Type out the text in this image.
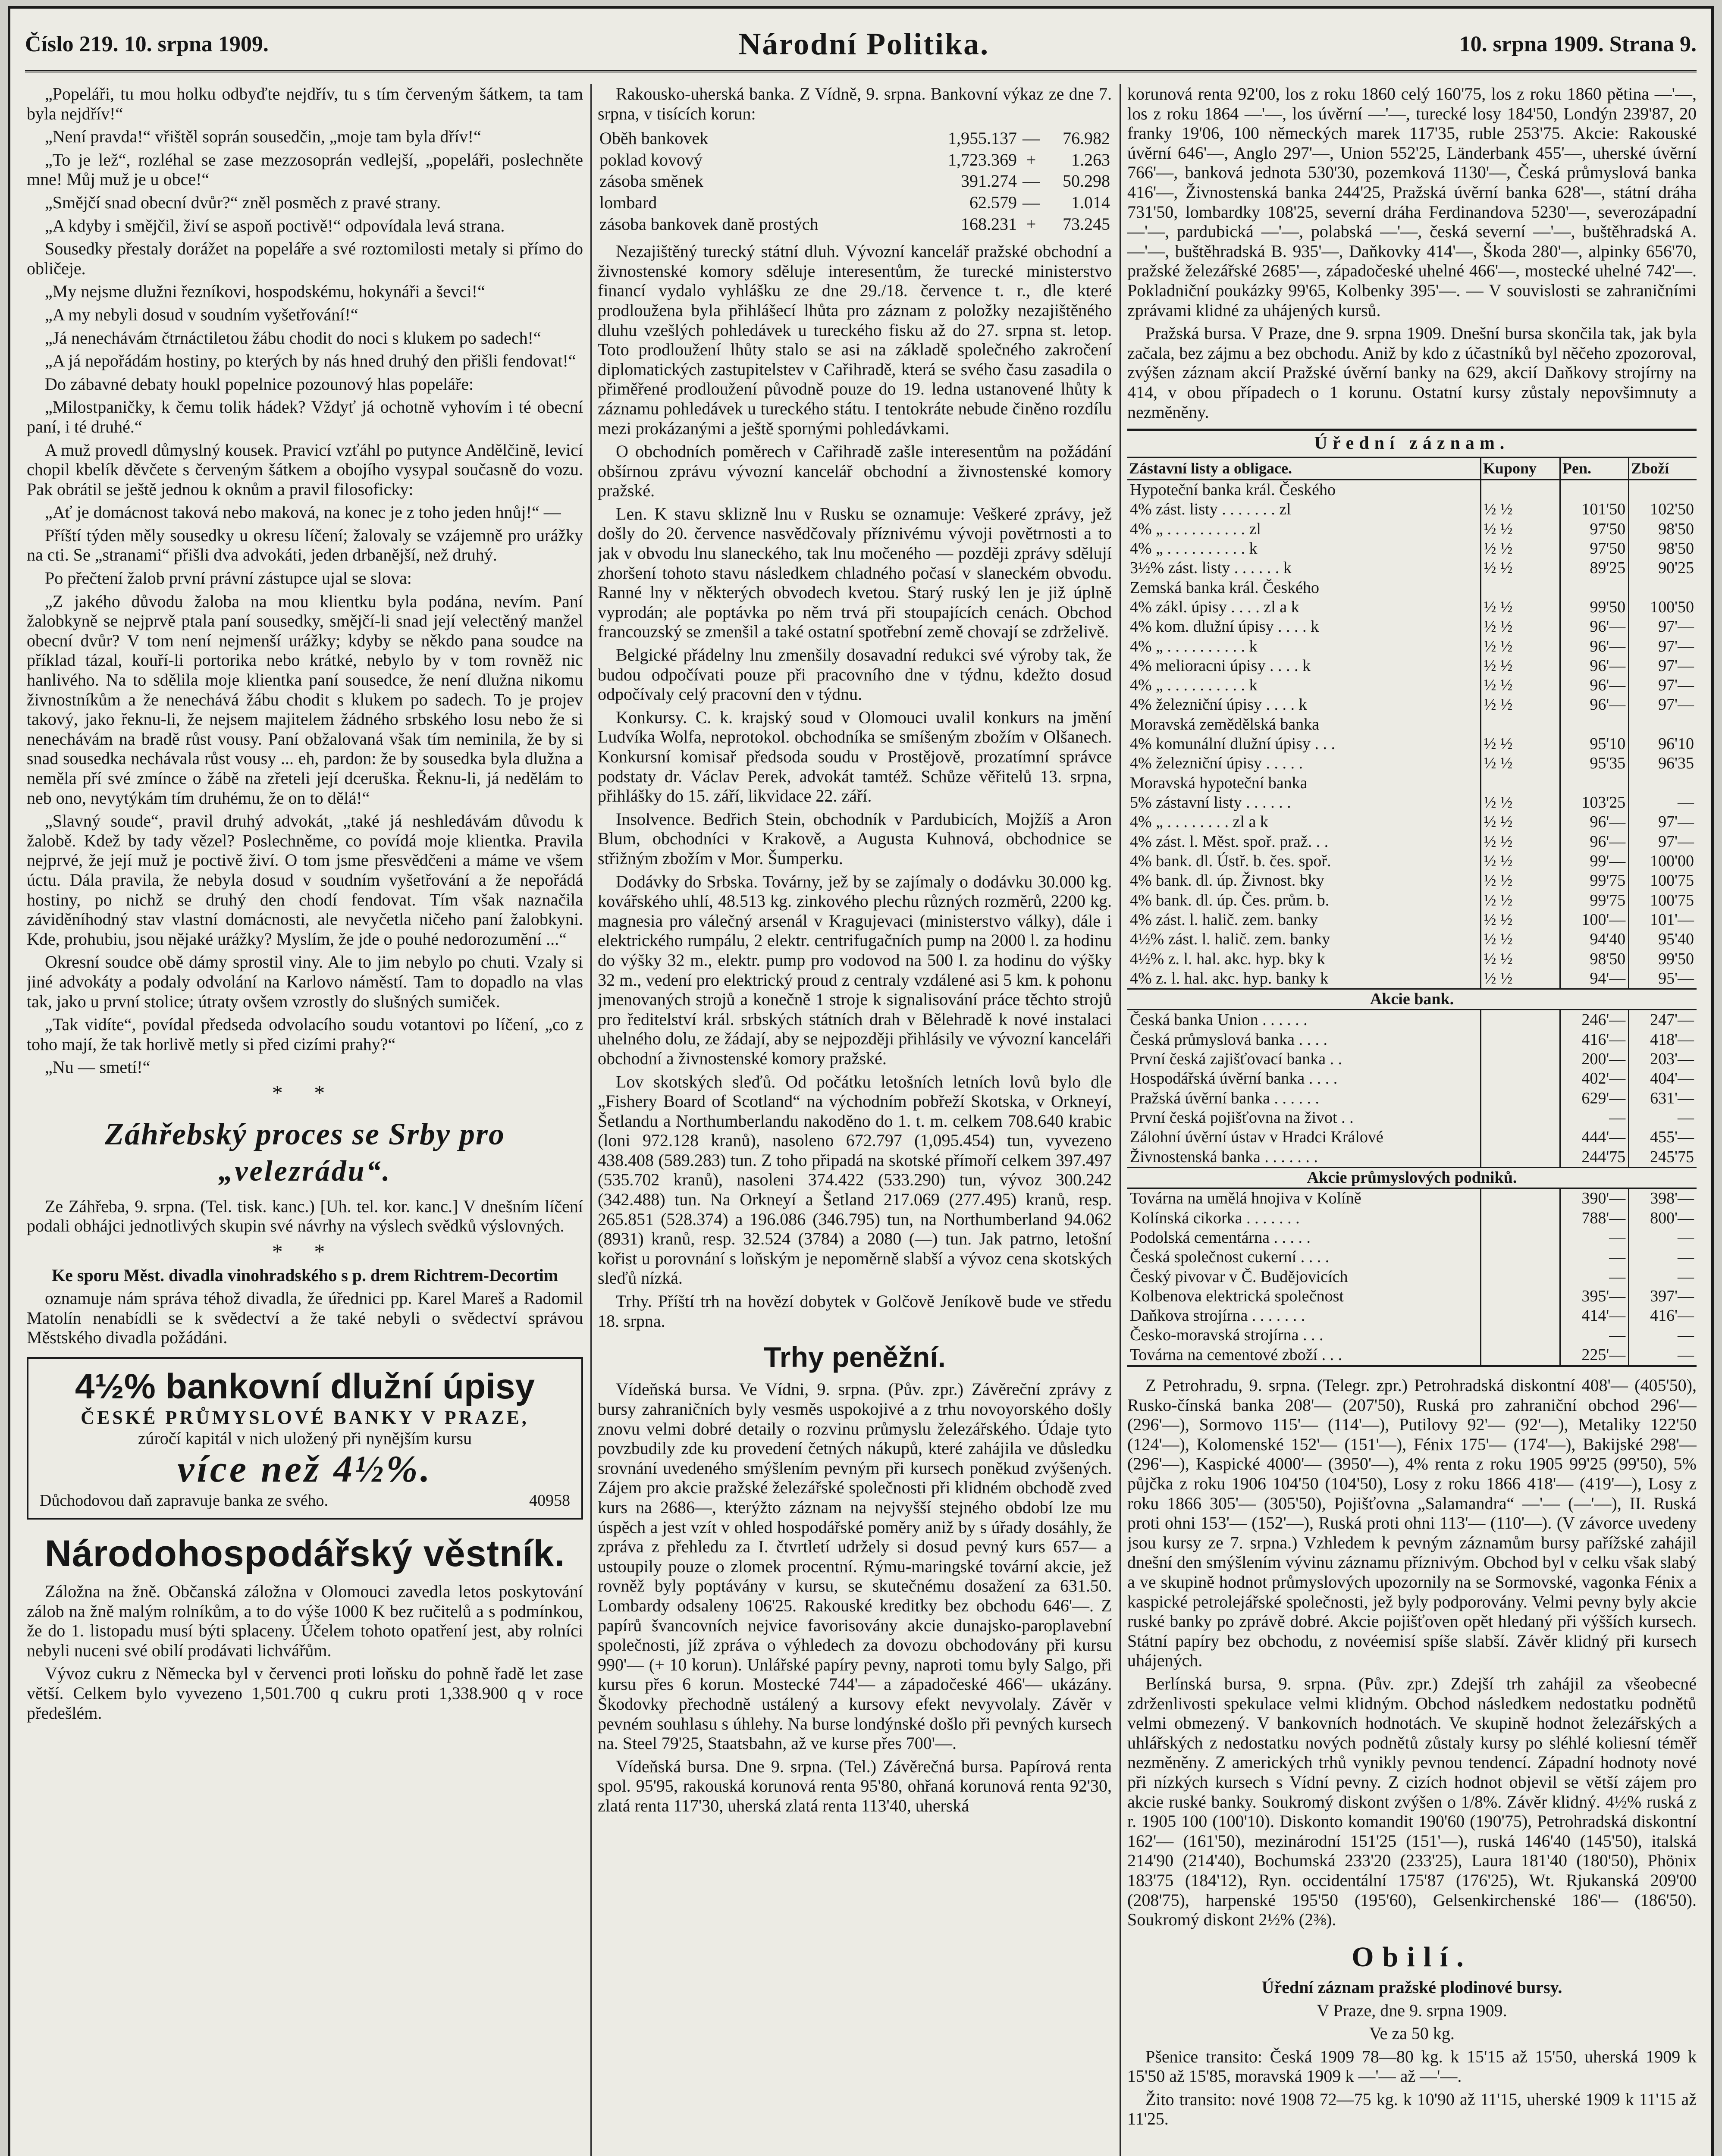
Číslo 219. 10. srpna 1909.	Národní Politika.	10. srpna 1909. Strana 9.

„Popeláři, tu mou holku odbyďte nejdřív, tu s tím červeným šátkem, ta tam byla nejdřív!“

„Není pravda!“ vřištěl soprán sousedčin, „moje tam byla dřív!“

„To je lež“, rozléhal se zase mezzosoprán vedlejší, „popeláři, poslechněte mne! Můj muž je u obce!“

„Smějčí snad obecní dvůr?“ zněl posměch z pravé strany.

„A kdyby i smějčil, živí se aspoň poctivě!“ odpovídala levá strana.

Sousedky přestaly dorážet na popeláře a své roztomilosti metaly si přímo do obličeje.

„My nejsme dlužni řezníkovi, hospodskému, hokynáři a ševci!“

„A my nebyli dosud v soudním vyšetřování!“

„Já nenechávám čtrnáctiletou žábu chodit do noci s klukem po sadech!“

„A já nepořádám hostiny, po kterých by nás hned druhý den přišli fendovat!“

Do zábavné debaty houkl popelnice pozounový hlas popeláře:

„Milostpaničky, k čemu tolik hádek? Vždyť já ochotně vyhovím i té obecní paní, i té druhé.“

A muž provedl důmyslný kousek. Pravicí vzťáhl po putynce Andělčině, levicí chopil kbelík děvčete s červeným šátkem a obojího vysypal současně do vozu. Pak obrátil se ještě jednou k oknům a pravil filosoficky:

„Ať je domácnost taková nebo maková, na konec je z toho jeden hnůj!“ —

Příští týden měly sousedky u okresu líčení; žalovaly se vzájemně pro urážky na cti. Se „stranami“ přišli dva advokáti, jeden drbanější, než druhý.

Po přečtení žalob první právní zástupce ujal se slova:

„Z jakého důvodu žaloba na mou klientku byla podána, nevím. Paní žalobkyně se nejprvě ptala paní sousedky, smějčí-li snad její velectěný manžel obecní dvůr? V tom není nejmenší urážky; kdyby se někdo pana soudce na příklad tázal, kouří-li portorika nebo krátké, nebylo by v tom rovněž nic hanlivého. Na to sdělila moje klientka paní sousedce, že není dlužna nikomu živnostníkům a že nenechává žábu chodit s klukem po sadech. To je projev takový, jako řeknu-li, že nejsem majitelem žádného srbského losu nebo že si nenechávám na bradě růst vousy. Paní obžalovaná však tím neminila, že by si snad sousedka nechávala růst vousy ... eh, pardon: že by sousedka byla dlužna a nemělа pří své zmínce o žábě na zřeteli její dceruška. Řeknu-li, já nedělám to neb ono, nevytýkám tím druhému, že on to dělá!“

„Slavný soude“, pravil druhý advokát, „také já neshledávám důvodu k žalobě. Kdež by tady vězel? Poslechněme, co povídá moje klientka. Pravila nejprvé, že její muž je poctivě živí. O tom jsme přesvědčeni a máme ve všem úctu. Dála pravila, že nebyla dosud v soudním vyšetřování a že nepořádá hostiny, po nichž se druhý den chodí fendovat. Tím však naznačila záviděníhodný stav vlastní domácnosti, ale nevyčetla ničeho paní žalobkyni. Kde, prohubiu, jsou nějaké urážky? Myslím, že jde o pouhé nedorozumění ...“

Okresní soudce obě dámy sprostil viny. Ale to jim nebylo po chuti. Vzaly si jiné advokáty a podaly odvolání na Karlovo náměstí. Tam to dopadlo na vlas tak, jako u první stolice; útraty ovšem vzrostly do slušných sumiček.

„Tak vidíte“, povídal předseda odvolacího soudu votantovi po líčení, „co z toho mají, že tak horlivě metly si před cizími prahy?“

„Nu — smetí!“

* *
Záhřebský proces se Srby pro
„velezrádu“.

Ze Záhřeba, 9. srpna. (Tel. tisk. kanc.) [Uh. tel. kor. kanc.] V dnešním líčení podali obhájci jednotlivých skupin své návrhy na výslech svědků výslovných.

* *

Ke sporu Měst. divadla vinohradského s p. drem Richtrem-Decortim

oznamuje nám správa téhož divadla, že úřednici pp. Karel Mareš a Radomil Matolín nenabídli se k svědectví a že také nebyli o svědectví správou Městského divadla požádáni.

4½% bankovní dlužní úpisy
ČESKÉ PRŮMYSLOVÉ BANKY V PRAZE,
zúročí kapitál v nich uložený při nynějším kursu
více než 4½%.
Důchodovou daň zapravuje banka ze svého.	40958
Národohospodářský věstník.

Záložna na žně. Občanská záložna v Olomouci zavedla letos poskytování zálob na žně malým rolníkům, a to do výše 1000 K bez ručitelů a s podmínkou, že do 1. listopadu musí býti splaceny. Účelem tohoto opatření jest, aby rolníci nebyli nuceni své obilí prodávati lichvářům.

Vývoz cukru z Německa byl v červenci proti loňsku do pohně řadě let zase větší. Celkem bylo vyvezeno 1,501.700 q cukru proti 1,338.900 q v roce předešlém.

Rakousko-uherská banka. Z Vídně, 9. srpna. Bankovní výkaz ze dne 7. srpna, v tisících korun:

Oběh bankovek	1,955.137	—	76.982
poklad kovový	1,723.369	+	1.263
zásoba směnek	391.274	—	50.298
lombard	62.579	—	1.014
zásoba bankovek daně prostých	168.231	+	73.245

Nezajištěný turecký státní dluh. Vývozní kancelář pražské obchodní a živnostenské komory sděluje interesentům, že turecké ministerstvo financí vydalo vyhlášku ze dne 29./18. července t. r., dle které prodloužena byla přihlášecí lhůta pro záznam z položky nezajištěného dluhu vzešlých pohledávek u tureckého fisku až do 27. srpna st. letop. Toto prodloužení lhůty stalo se asi na základě společného zakročení diplomatických zastupitelstev v Cařihradě, která se svého času zasadila o přiměřené prodloužení původně pouze do 19. ledna ustanovené lhůty k záznamu pohledávek u tureckého státu. I tentokráte nebude činěno rozdílu mezi prokázanými a ještě spornými pohledávkami.

O obchodních poměrech v Cařihradě zašle interesentům na požádání obšírnou zprávu vývozní kancelář obchodní a živnostenské komory pražské.

Len. K stavu sklizně lnu v Rusku se oznamuje: Veškeré zprávy, jež došly do 20. července nasvědčovaly příznivému vývoji povětrnosti a to jak v obvodu lnu slaneckého, tak lnu močeného — později zprávy sdělují zhoršení tohoto stavu následkem chladného počasí v slaneckém obvodu. Ranné lny v některých obvodech kvetou. Starý ruský len je již úplně vyprodán; ale poptávka po něm trvá při stoupajících cenách. Obchod francouzský se zmenšil a také ostatní spotřební země chovají se zdrželivě.

Belgické přádelny lnu zmenšily dosavadní redukci své výroby tak, že budou odpočívati pouze při pracovního dne v týdnu, kdežto dosud odpočívaly celý pracovní den v týdnu.

Konkursy. C. k. krajský soud v Olomouci uvalil konkurs na jmění Ludvíka Wolfa, neprotokol. obchodníka se smíšeným zbožím v Olšanech. Konkursní komisař předsoda soudu v Prostějově, prozatímní správce podstaty dr. Václav Perek, advokát tamtéž. Schůze věřitelů 13. srpna, přihlášky do 15. září, likvidace 22. září.

Insolvence. Bedřich Stein, obchodník v Pardubicích, Mojžíš a Aron Blum, obchodníci v Krakově, a Augusta Kuhnová, obchodnice se střižným zbožím v Mor. Šumperku.

Dodávky do Srbska. Továrny, jež by se zajímaly o dodávku 30.000 kg. kovářského uhlí, 48.513 kg. zinkového plechu různých rozměrů, 2200 kg. magnesia pro válečný arsenál v Kragujevaci (ministerstvo války), dále i elektrického rumpálu, 2 elektr. centrifugačních pump na 2000 l. za hodinu do výšky 32 m., elektr. pump pro vodovod na 500 l. za hodinu do výšky 32 m., vedení pro elektrický proud z centraly vzdálené asi 5 km. k pohonu jmenovaných strojů a konečně 1 stroje k signalisování práce těchto strojů pro ředitelství král. srbských státních drah v Bělehradě k nové instalaci uhelného dolu, ze žádají, aby se nejpozději přihlásily ve vývozní kanceláři obchodní a živnostenské komory pražské.

Lov skotských sleďů. Od počátku letošních letních lovů bylo dle „Fishery Board of Scotland“ na východním pobřeží Skotska, v Orkneyí, Šetlandu a Northumberlandu nakoděno do 1. t. m. celkem 708.640 krabic (loni 972.128 kranů), nasoleno 672.797 (1,095.454) tun, vyvezeno 438.408 (589.283) tun. Z toho připadá na skotské přímoří celkem 397.497 (535.702 kranů), nasoleni 374.422 (533.290) tun, vývoz 300.242 (342.488) tun. Na Orkneyí a Šetland 217.069 (277.495) kranů, resp. 265.851 (528.374) a 196.086 (346.795) tun, na Northumberland 94.062 (8931) kranů, resp. 32.524 (3784) a 2080 (—) tun. Jak patrno, letošní kořist u porovnání s loňským je nepoměrně slabší a vývoz cena skotských sleďů nízká.

Trhy. Příští trh na hovězí dobytek v Golčově Jeníkově bude ve středu 18. srpna.

Trhy peněžní.

Vídeňská bursa. Ve Vídni, 9. srpna. (Pův. zpr.) Závěreční zprávy z bursy zahraničních byly vesměs uspokojivé a z trhu novoyorského došly znovu velmi dobré detaily o rozvinu průmyslu železářského. Údaje tyto povzbudily zde ku provedení četných nákupů, které zahájila ve důsledku srovnání uvedeného smýšlením pevným při kursech poněkud zvýšených. Zájem pro akcie pražské železářské společnosti při klidném obchodě zved kurs na 2686—, kterýžto záznam na nejvyšší stejného období lze mu úspěch a jest vzít v ohled hospodářské poměry aniž by s úřady dosáhly, že zpráva z přehledu za I. čtvrtletí udržely si dosud pevný kurs 657— a ustoupily pouze o zlomek procentní. Rýmu-maringské tovární akcie, jež rovněž byly poptávány v kursu, se skutečnému dosažení za 631.50. Lombardy odsaleny 106'25. Rakouské kreditky bez obchodu 646'—. Z papírů švancovních nejvice favorisovány akcie dunajsko-paroplavební společnosti, jíž zpráva o výhledech za dovozu obchodovány při kursu 990'— (+ 10 korun). Unlářské papíry pevny, naproti tomu byly Salgo, při kursu přes 6 korun. Mostecké 744'— a západočeské 466'— ukázány. Škodovky přechodně ustálený a kursovy efekt nevyvolaly. Závěr v pevném souhlasu s úhlehy. Na burse londýnské došlo při pevných kursech na. Steel 79'25, Staatsbahn, až ve kurse přes 700'—.

Vídeňská bursa. Dne 9. srpna. (Tel.) Závěrečná bursa. Papírová renta spol. 95'95, rakouská korunová renta 95'80, ohřaná korunová renta 92'30, zlatá renta 117'30, uherská zlatá renta 113'40, uherská

korunová renta 92'00, los z roku 1860 celý 160'75, los z roku 1860 pětina —'—, los z roku 1864 —'—, los úvěrní —'—, turecké losy 184'50, Londýn 239'87, 20 franky 19'06, 100 německých marek 117'35, ruble 253'75. Akcie: Rakouské úvěrní 646'—, Anglo 297'—, Union 552'25, Länderbank 455'—, uherské úvěrní 766'—, banková jednota 530'30, pozemková 1130'—, Česká průmyslová banka 416'—, Živnostenská banka 244'25, Pražská úvěrní banka 628'—, státní dráha 731'50, lombardky 108'25, severní dráha Ferdinandova 5230'—, severozápadní —'—, pardubická —'—, polabská —'—, česká severní —'—, buštěhradská A. —'—, buštěhradská B. 935'—, Daňkovky 414'—, Škoda 280'—, alpinky 656'70, pražské železářské 2685'—, západočeské uhelné 466'—, mostecké uhelné 742'—. Pokladniční poukázky 99'65, Kolbenky 395'—. — V souvislosti se zahraničními zprávami klidné za uhájených kursů.

Pražská bursa. V Praze, dne 9. srpna 1909. Dnešní bursa skončila tak, jak byla začala, bez zájmu a bez obchodu. Aniž by kdo z účastníků byl něčeho zpozoroval, zvýšen záznam akcií Pražské úvěrní banky na 629, akcií Daňkovy strojírny na 414, v obou případech o 1 korunu. Ostatní kursy zůstaly nepovšimnuty a nezměněny.

Úřední záznam.
Zástavní listy a obligace.	Kupony	Pen.	Zboží
Hypoteční banka král. Českého			
4% zást. listy . . . . . . . zl	½ ½	101'50	102'50
4% „ . . . . . . . . . . zl	½ ½	97'50	98'50
4% „ . . . . . . . . . . k	½ ½	97'50	98'50
3½% zást. listy . . . . . . k	½ ½	89'25	90'25
Zemská banka král. Českého			
4% zákl. úpisy . . . . zl a k	½ ½	99'50	100'50
4% kom. dlužní úpisy . . . . k	½ ½	96'—	97'—
4% „ . . . . . . . . . . k	½ ½	96'—	97'—
4% melioracni úpisy . . . . k	½ ½	96'—	97'—
4% „ . . . . . . . . . . k	½ ½	96'—	97'—
4% železniční úpisy . . . . k	½ ½	96'—	97'—
Moravská zemědělská banka			
4% komunální dlužní úpisy . . .	½ ½	95'10	96'10
4% železniční úpisy . . . . .	½ ½	95'35	96'35
Moravská hypoteční banka			
5% zástavní listy . . . . . .	½ ½	103'25	—
4% „ . . . . . . . . zl a k	½ ½	96'—	97'—
4% zást. l. Měst. spoř. praž. . .	½ ½	96'—	97'—
4% bank. dl. Ústř. b. čes. spoř.	½ ½	99'—	100'00
4% bank. dl. úp. Živnost. bky	½ ½	99'75	100'75
4% bank. dl. úp. Čes. prům. b.	½ ½	99'75	100'75
4% zást. l. halič. zem. banky	½ ½	100'—	101'—
4½% zást. l. halič. zem. banky	½ ½	94'40	95'40
4½% z. l. hal. akc. hyp. bky k	½ ½	98'50	99'50
4% z. l. hal. akc. hyp. banky k	½ ½	94'—	95'—
Akcie bank.			
Česká banka Union . . . . . .		246'—	247'—
Česká průmyslová banka . . . .		416'—	418'—
První česká zajišťovací banka . .		200'—	203'—
Hospodářská úvěrní banka . . . .		402'—	404'—
Pražská úvěrní banka . . . . . .		629'—	631'—
První česká pojišťovna na život . .		—	—
Zálohní úvěrní ústav v Hradci Králové		444'—	455'—
Živnostenská banka . . . . . . .		244'75	245'75
Akcie průmyslových podniků.			
Továrna na umělá hnojiva v Kolíně		390'—	398'—
Kolínská cikorka . . . . . . .		788'—	800'—
Podolská cementárna . . . . .		—	—
Česká společnost cukerní . . . .		—	—
Český pivovar v Č. Budějovicích		—	—
Kolbenova elektrická společnost		395'—	397'—
Daňkova strojírna . . . . . . .		414'—	416'—
Česko-moravská strojírna . . .		—	—
Továrna na cementové zboží . . .		225'—	—

Z Petrohradu, 9. srpna. (Telegr. zpr.) Petrohradská diskontní 408'— (405'50), Rusko-čínská banka 208'— (207'50), Ruská pro zahraniční obchod 296'— (296'—), Sormovo 115'— (114'—), Putilovy 92'— (92'—), Metaliky 122'50 (124'—), Kolomenské 152'— (151'—), Fénix 175'— (174'—), Bakijské 298'— (296'—), Kaspické 4000'— (3950'—), 4% renta z roku 1905 99'25 (99'50), 5% půjčka z roku 1906 104'50 (104'50), Losy z roku 1866 418'— (419'—), Losy z roku 1866 305'— (305'50), Pojišťovna „Salamandra“ —'— (—'—), II. Ruská proti ohni 153'— (152'—), Ruská proti ohni 113'— (110'—). (V závorce uvedeny jsou kursy ze 7. srpna.) Vzhledem k pevným záznamům bursy pařížské zahájil dnešní den smýšlením vývinu záznamu příznivým. Obchod byl v celku však slabý a ve skupině hodnot průmyslových upozornily na se Sormovské, vagonka Fénix a kaspické petrolejářské společnosti, jež byly podporovány. Velmi pevny byly akcie ruské banky po zprávě dobré. Akcie pojišťoven opět hledaný při výšších kursech. Státní papíry bez obchodu, z novéemisí spíše slabší. Závěr klidný při kursech uhájených.

Berlínská bursa, 9. srpna. (Pův. zpr.) Zdejší trh zahájil za všeobecné zdrženlivosti spekulace velmi klidným. Obchod následkem nedostatku podnětů velmi obmezený. V bankovních hodnotách. Ve skupině hodnot železářských a uhlářských z nedostatku nových podnětů zůstaly kursy po sléhlé koliesní téměř nezměněny. Z amerických trhů vynikly pevnou tendencí. Západní hodnoty nové při nízkých kursech s Vídní pevny. Z cizích hodnot objevil se větší zájem pro akcie ruské banky. Soukromý diskont zvýšen o 1/8%. Závěr klidný. 4½% ruská z r. 1905 100 (100'10). Diskonto komandit 190'60 (190'75), Petrohradská diskontní 162'— (161'50), mezinárodní 151'25 (151'—), ruská 146'40 (145'50), italská 214'90 (214'40), Bochumská 233'20 (233'25), Laura 181'40 (180'50), Phönix 183'75 (184'12), Ryn. occidentální 175'87 (176'25), Wt. Rjukanská 209'00 (208'75), harpenské 195'50 (195'60), Gelsenkirchenské 186'— (186'50). Soukromý diskont 2½% (2⅜).

Obilí.

Úřední záznam pražské plodinové bursy.

V Praze, dne 9. srpna 1909.

Ve za 50 kg.

Pšenice transito: Česká 1909 78—80 kg. k 15'15 až 15'50, uherská 1909 k 15'50 až 15'85, moravská 1909 k —'— až —'—.

Žito transito: nové 1908 72—75 kg. k 10'90 až 11'15, uherské 1909 k 11'15 až 11'25.
